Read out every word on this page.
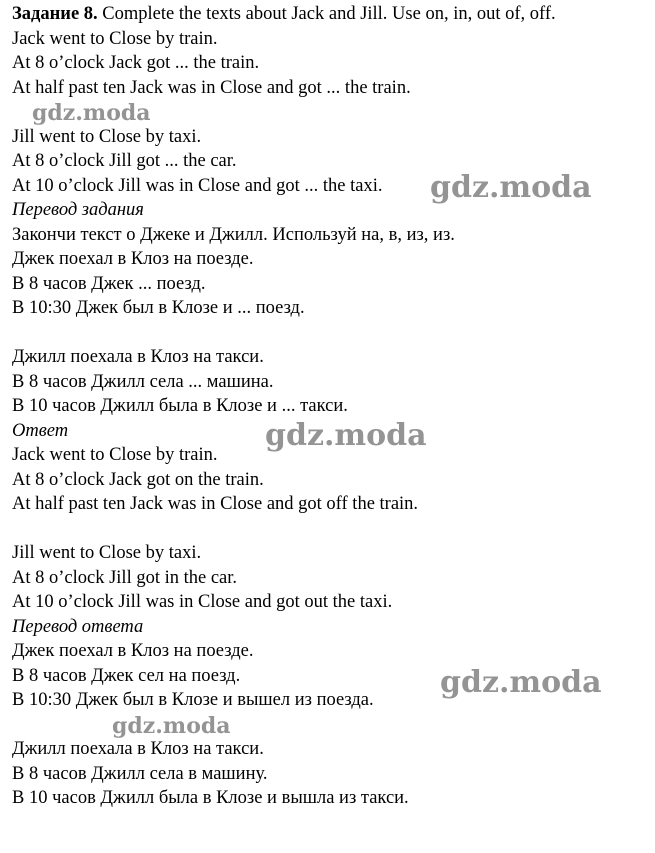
Задание 8. Complete the texts about Jack and Jill. Use on, in, out of, off.
Jack went to Close by train.
At 8 o’clock Jack got ... the train.
At half past ten Jack was in Close and got ... the train.
Jill went to Close by taxi.
At 8 o’clock Jill got ... the car.
At 10 o’clock Jill was in Close and got ... the taxi.
Перевод задания
Закончи текст о Джеке и Джилл. Используй на, в, из, из.
Джек поехал в Клоз на поезде.
В 8 часов Джек ... поезд.
В 10:30 Джек был в Клозе и ... поезд.
Джилл поехала в Клоз на такси.
В 8 часов Джилл села ... машина.
В 10 часов Джилл была в Клозе и ... такси.
Ответ
Jack went to Close by train.
At 8 o’clock Jack got on the train.
At half past ten Jack was in Close and got off the train.
Jill went to Close by taxi.
At 8 o’clock Jill got in the car.
At 10 o’clock Jill was in Close and got out the taxi.
Перевод ответа
Джек поехал в Клоз на поезде.
В 8 часов Джек сел на поезд.
В 10:30 Джек был в Клозе и вышел из поезда.
Джилл поехала в Клоз на такси.
В 8 часов Джилл села в машину.
В 10 часов Джилл была в Клозе и вышла из такси.
gdz.moda
gdz.moda
gdz.moda
gdz.moda
gdz.moda
